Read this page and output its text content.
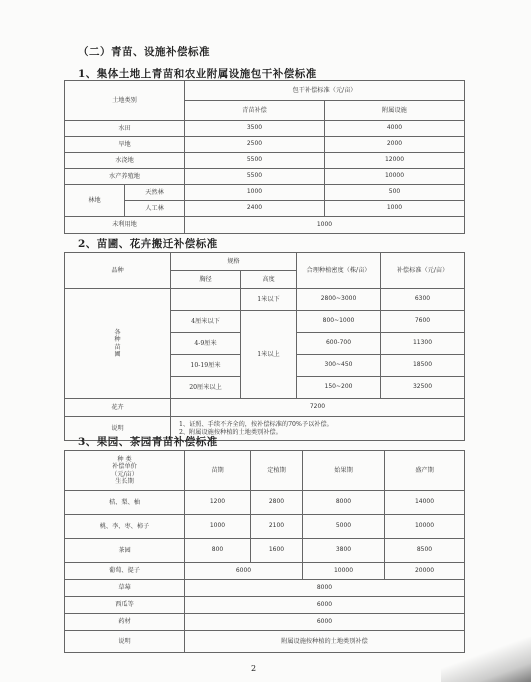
（二）青苗、设施补偿标准
1、集体土地上青苗和农业附属设施包干补偿标准
土地类别		包干补偿标准（元/亩）	
		青苗补偿	附属设施
水田		3500	4000
旱地		2500	2000
水浇地		5500	12000
水产养殖地		5500	10000
林地	天然林	1000	500
	人工林	2400	1000
未利用地		1000	
2、苗圃、花卉搬迁补偿标准
品种	规格		合理种植密度（株/亩）	补偿标准（元/亩）
	胸径	高度		

各
种
苗
圃		1米以下	2800~3000	6300
	4厘米以下	1米以上	800~1000	7600
	4-9厘米		600-700	11300
	10-19厘米		300~450	18500
	20厘米以上		150~200	32500
花卉	7200			
说明	1、证照、手续不齐全的，按补偿标准的70%予以补偿。
2、附属设施按种植的土地类别补偿。			
3、果园、茶园青苗补偿标准
种 类
补偿单价
（元/亩）
生长期	苗期	定植期	始果期	盛产期
桔、梨、柚	1200	2800	8000	14000
桃、李、枣、柿子	1000	2100	5000	10000
茶园	800	1600	3800	8500
葡萄、提子	6000		10000	20000
草莓	8000			
西瓜等	6000			
药材	6000			
说明	附属设施按种植的土地类别补偿			
2
